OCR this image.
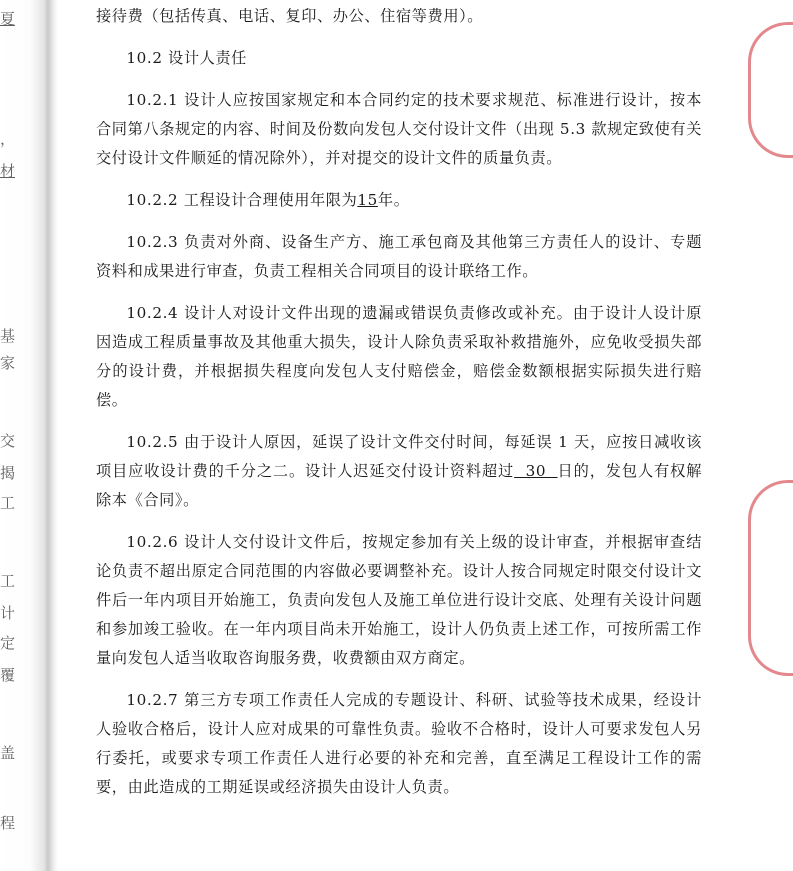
夏
，
材
基
家
交
揭
工
工
计
定
覆
盖
程

接待费（包括传真、电话、复印、办公、住宿等费用）。

10.2 设计人责任

10.2.1 设计人应按国家规定和本合同约定的技术要求规范、标准进行设计，按本合同第八条规定的内容、时间及份数向发包人交付设计文件（出现 5.3 款规定致使有关交付设计文件顺延的情况除外），并对提交的设计文件的质量负责。

10.2.2 工程设计合理使用年限为15年。

10.2.3 负责对外商、设备生产方、施工承包商及其他第三方责任人的设计、专题资料和成果进行审查，负责工程相关合同项目的设计联络工作。

10.2.4 设计人对设计文件出现的遗漏或错误负责修改或补充。由于设计人设计原因造成工程质量事故及其他重大损失，设计人除负责采取补救措施外，应免收受损失部分的设计费，并根据损失程度向发包人支付赔偿金，赔偿金数额根据实际损失进行赔偿。

10.2.5 由于设计人原因，延误了设计文件交付时间，每延误 1 天，应按日减收该项目应收设计费的千分之二。设计人迟延交付设计资料超过  30  日的，发包人有权解除本《合同》。

10.2.6 设计人交付设计文件后，按规定参加有关上级的设计审查，并根据审查结论负责不超出原定合同范围的内容做必要调整补充。设计人按合同规定时限交付设计文件后一年内项目开始施工，负责向发包人及施工单位进行设计交底、处理有关设计问题和参加竣工验收。在一年内项目尚未开始施工，设计人仍负责上述工作，可按所需工作量向发包人适当收取咨询服务费，收费额由双方商定。

10.2.7 第三方专项工作责任人完成的专题设计、科研、试验等技术成果，经设计人验收合格后，设计人应对成果的可靠性负责。验收不合格时，设计人可要求发包人另行委托，或要求专项工作责任人进行必要的补充和完善，直至满足工程设计工作的需要，由此造成的工期延误或经济损失由设计人负责。
